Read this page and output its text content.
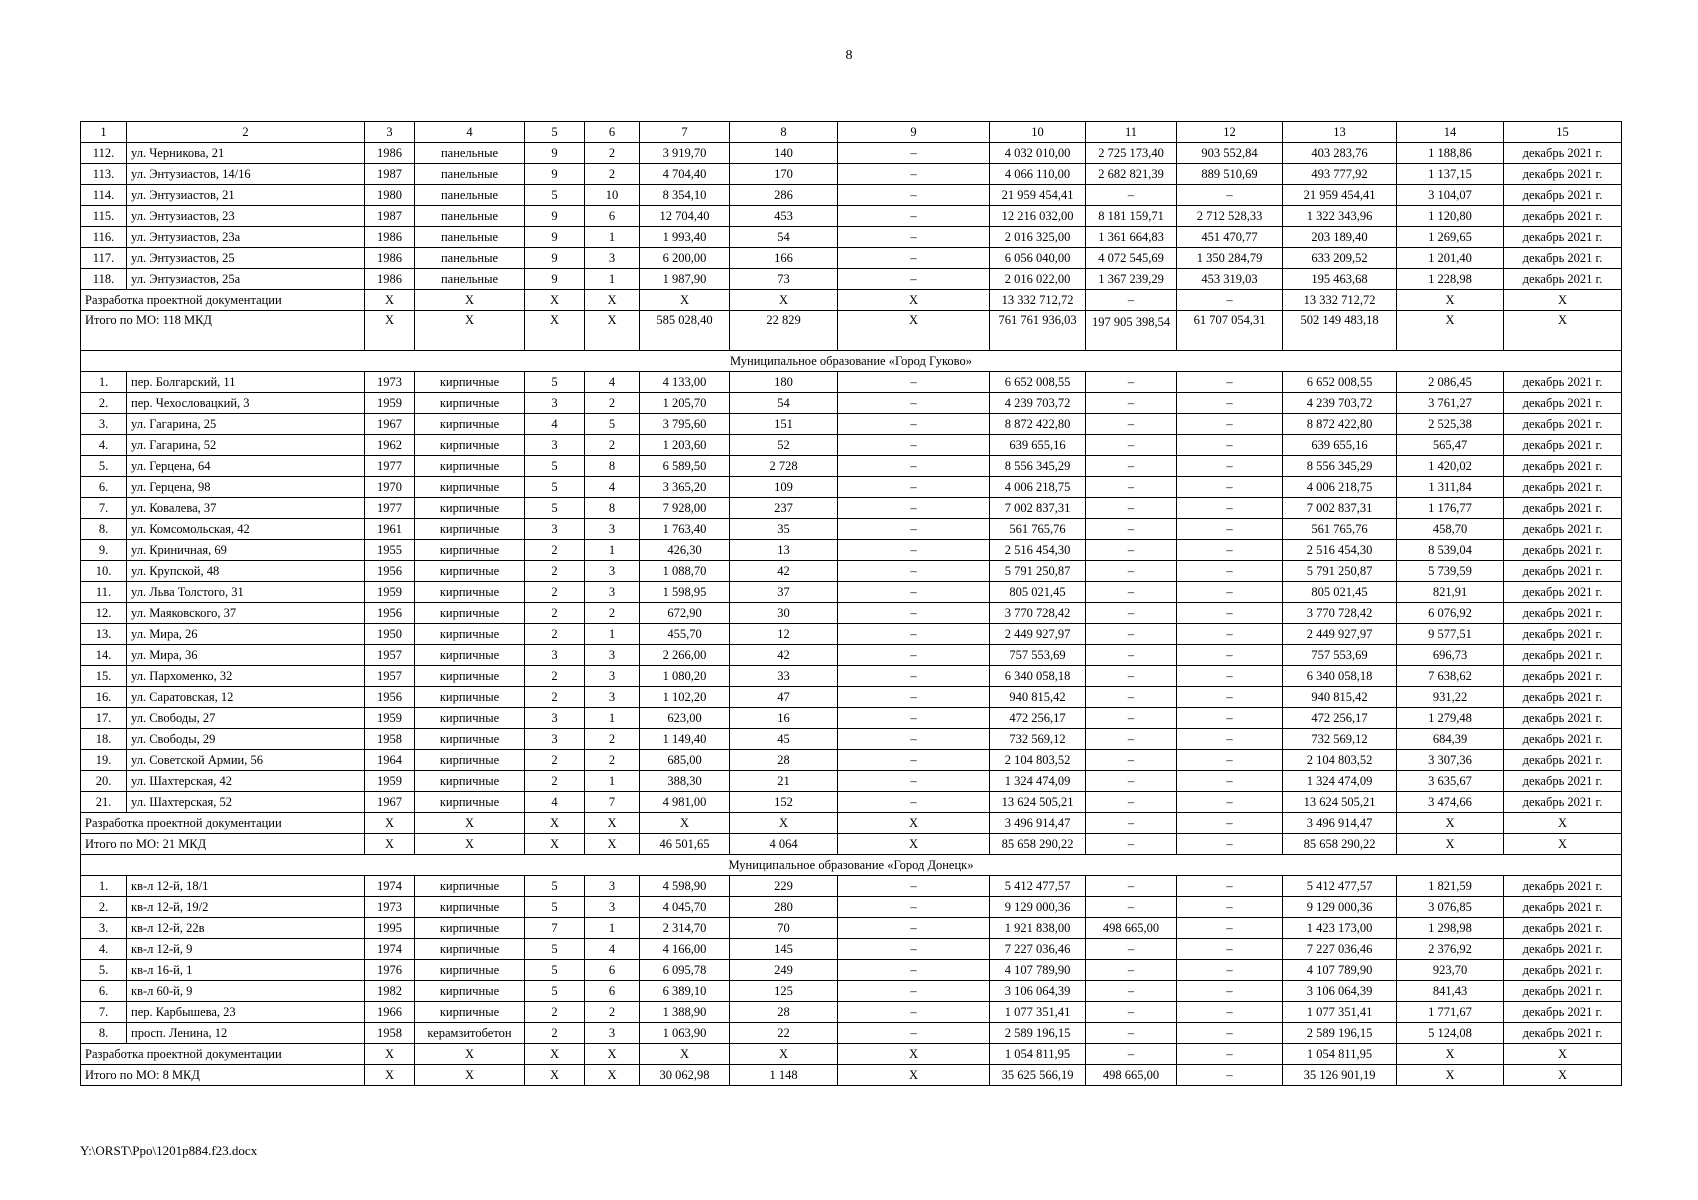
8
1	2	3	4	5	6	7	8	9	10	11	12	13	14	15
112.	ул. Черникова, 21	1986	панельные	9	2	3 919,70	140	–	4 032 010,00	2 725 173,40	903 552,84	403 283,76	1 188,86	декабрь 2021 г.
113.	ул. Энтузиастов, 14/16	1987	панельные	9	2	4 704,40	170	–	4 066 110,00	2 682 821,39	889 510,69	493 777,92	1 137,15	декабрь 2021 г.
114.	ул. Энтузиастов, 21	1980	панельные	5	10	8 354,10	286	–	21 959 454,41	–	–	21 959 454,41	3 104,07	декабрь 2021 г.
115.	ул. Энтузиастов, 23	1987	панельные	9	6	12 704,40	453	–	12 216 032,00	8 181 159,71	2 712 528,33	1 322 343,96	1 120,80	декабрь 2021 г.
116.	ул. Энтузиастов, 23а	1986	панельные	9	1	1 993,40	54	–	2 016 325,00	1 361 664,83	451 470,77	203 189,40	1 269,65	декабрь 2021 г.
117.	ул. Энтузиастов, 25	1986	панельные	9	3	6 200,00	166	–	6 056 040,00	4 072 545,69	1 350 284,79	633 209,52	1 201,40	декабрь 2021 г.
118.	ул. Энтузиастов, 25а	1986	панельные	9	1	1 987,90	73	–	2 016 022,00	1 367 239,29	453 319,03	195 463,68	1 228,98	декабрь 2021 г.
Разработка проектной документации		X	X	X	X	X	X	X	13 332 712,72	–	–	13 332 712,72	X	X
Итого по МО: 118 МКД		X	X	X	X	585 028,40	22 829	X	761 761 936,03	197 905 398,54	61 707 054,31	502 149 483,18	X	X
Муниципальное образование «Город Гуково»														
1.	пер. Болгарский, 11	1973	кирпичные	5	4	4 133,00	180	–	6 652 008,55	–	–	6 652 008,55	2 086,45	декабрь 2021 г.
2.	пер. Чехословацкий, 3	1959	кирпичные	3	2	1 205,70	54	–	4 239 703,72	–	–	4 239 703,72	3 761,27	декабрь 2021 г.
3.	ул. Гагарина, 25	1967	кирпичные	4	5	3 795,60	151	–	8 872 422,80	–	–	8 872 422,80	2 525,38	декабрь 2021 г.
4.	ул. Гагарина, 52	1962	кирпичные	3	2	1 203,60	52	–	639 655,16	–	–	639 655,16	565,47	декабрь 2021 г.
5.	ул. Герцена, 64	1977	кирпичные	5	8	6 589,50	2 728	–	8 556 345,29	–	–	8 556 345,29	1 420,02	декабрь 2021 г.
6.	ул. Герцена, 98	1970	кирпичные	5	4	3 365,20	109	–	4 006 218,75	–	–	4 006 218,75	1 311,84	декабрь 2021 г.
7.	ул. Ковалева, 37	1977	кирпичные	5	8	7 928,00	237	–	7 002 837,31	–	–	7 002 837,31	1 176,77	декабрь 2021 г.
8.	ул. Комсомольская, 42	1961	кирпичные	3	3	1 763,40	35	–	561 765,76	–	–	561 765,76	458,70	декабрь 2021 г.
9.	ул. Криничная, 69	1955	кирпичные	2	1	426,30	13	–	2 516 454,30	–	–	2 516 454,30	8 539,04	декабрь 2021 г.
10.	ул. Крупской, 48	1956	кирпичные	2	3	1 088,70	42	–	5 791 250,87	–	–	5 791 250,87	5 739,59	декабрь 2021 г.
11.	ул. Льва Толстого, 31	1959	кирпичные	2	3	1 598,95	37	–	805 021,45	–	–	805 021,45	821,91	декабрь 2021 г.
12.	ул. Маяковского, 37	1956	кирпичные	2	2	672,90	30	–	3 770 728,42	–	–	3 770 728,42	6 076,92	декабрь 2021 г.
13.	ул. Мира, 26	1950	кирпичные	2	1	455,70	12	–	2 449 927,97	–	–	2 449 927,97	9 577,51	декабрь 2021 г.
14.	ул. Мира, 36	1957	кирпичные	3	3	2 266,00	42	–	757 553,69	–	–	757 553,69	696,73	декабрь 2021 г.
15.	ул. Пархоменко, 32	1957	кирпичные	2	3	1 080,20	33	–	6 340 058,18	–	–	6 340 058,18	7 638,62	декабрь 2021 г.
16.	ул. Саратовская, 12	1956	кирпичные	2	3	1 102,20	47	–	940 815,42	–	–	940 815,42	931,22	декабрь 2021 г.
17.	ул. Свободы, 27	1959	кирпичные	3	1	623,00	16	–	472 256,17	–	–	472 256,17	1 279,48	декабрь 2021 г.
18.	ул. Свободы, 29	1958	кирпичные	3	2	1 149,40	45	–	732 569,12	–	–	732 569,12	684,39	декабрь 2021 г.
19.	ул. Советской Армии, 56	1964	кирпичные	2	2	685,00	28	–	2 104 803,52	–	–	2 104 803,52	3 307,36	декабрь 2021 г.
20.	ул. Шахтерская, 42	1959	кирпичные	2	1	388,30	21	–	1 324 474,09	–	–	1 324 474,09	3 635,67	декабрь 2021 г.
21.	ул. Шахтерская, 52	1967	кирпичные	4	7	4 981,00	152	–	13 624 505,21	–	–	13 624 505,21	3 474,66	декабрь 2021 г.
Разработка проектной документации		X	X	X	X	X	X	X	3 496 914,47	–	–	3 496 914,47	X	X
Итого по МО: 21 МКД		X	X	X	X	46 501,65	4 064	X	85 658 290,22	–	–	85 658 290,22	X	X
Муниципальное образование «Город Донецк»														
1.	кв-л 12-й, 18/1	1974	кирпичные	5	3	4 598,90	229	–	5 412 477,57	–	–	5 412 477,57	1 821,59	декабрь 2021 г.
2.	кв-л 12-й, 19/2	1973	кирпичные	5	3	4 045,70	280	–	9 129 000,36	–	–	9 129 000,36	3 076,85	декабрь 2021 г.
3.	кв-л 12-й, 22в	1995	кирпичные	7	1	2 314,70	70	–	1 921 838,00	498 665,00	–	1 423 173,00	1 298,98	декабрь 2021 г.
4.	кв-л 12-й, 9	1974	кирпичные	5	4	4 166,00	145	–	7 227 036,46	–	–	7 227 036,46	2 376,92	декабрь 2021 г.
5.	кв-л 16-й, 1	1976	кирпичные	5	6	6 095,78	249	–	4 107 789,90	–	–	4 107 789,90	923,70	декабрь 2021 г.
6.	кв-л 60-й, 9	1982	кирпичные	5	6	6 389,10	125	–	3 106 064,39	–	–	3 106 064,39	841,43	декабрь 2021 г.
7.	пер. Карбышева, 23	1966	кирпичные	2	2	1 388,90	28	–	1 077 351,41	–	–	1 077 351,41	1 771,67	декабрь 2021 г.
8.	просп. Ленина, 12	1958	керамзитобетон	2	3	1 063,90	22	–	2 589 196,15	–	–	2 589 196,15	5 124,08	декабрь 2021 г.
Разработка проектной документации		X	X	X	X	X	X	X	1 054 811,95	–	–	1 054 811,95	X	X
Итого по МО: 8 МКД		X	X	X	X	30 062,98	1 148	X	35 625 566,19	498 665,00	–	35 126 901,19	X	X
Y:\ORST\Ppo\1201p884.f23.docx
